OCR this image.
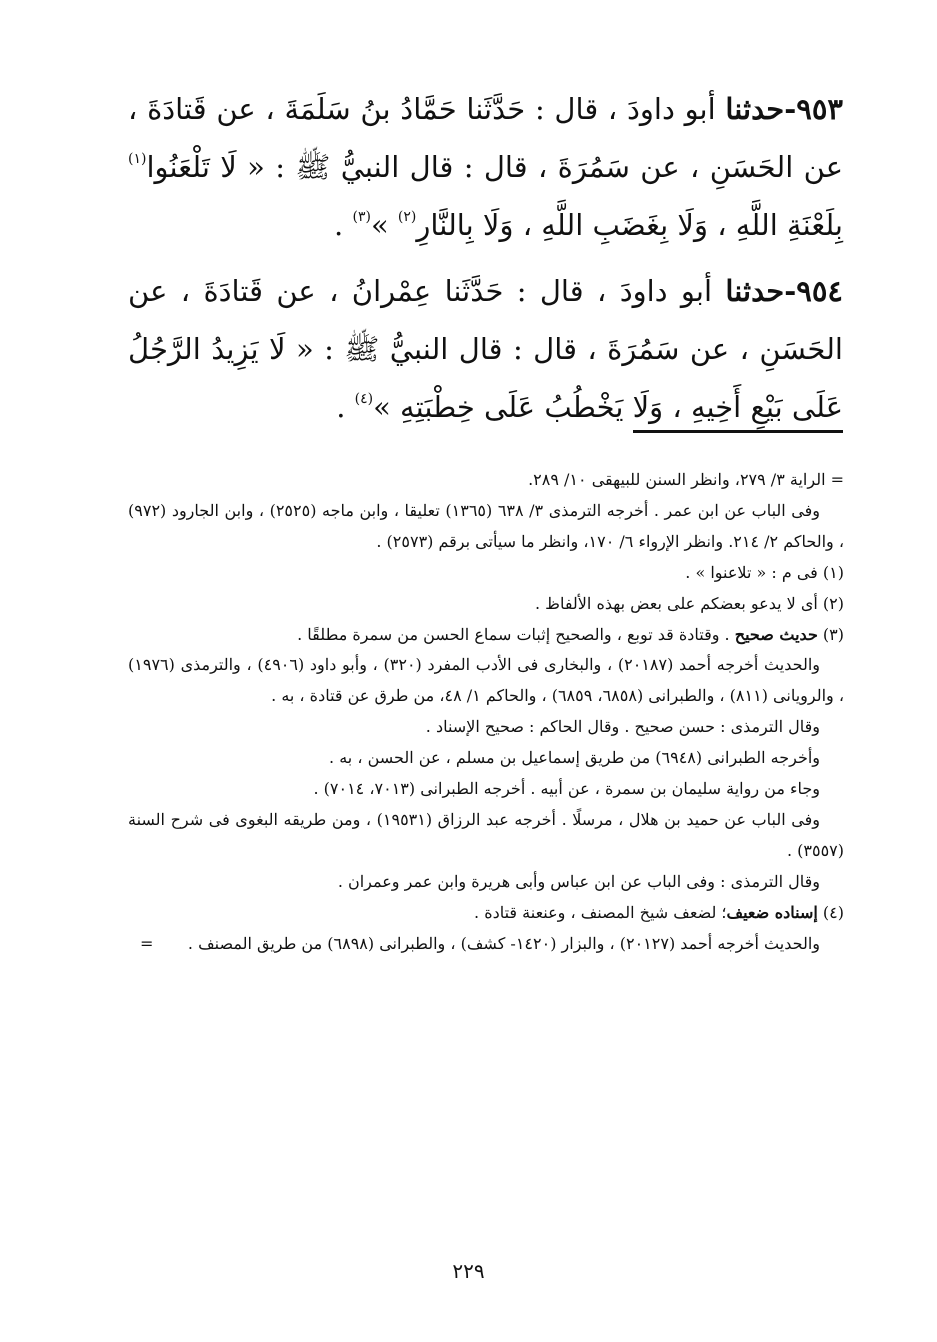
٩٥٣-حدثنا أبو داودَ ، قال : حَدَّثَنا حَمَّادُ بنُ سَلَمَةَ ، عن قَتادَةَ ، عن الحَسَنِ ، عن سَمُرَةَ ، قال : قال النبيُّ ﷺ : « لَا تَلْعَنُوا$^{(١)}$ بِلَعْنَةِ اللَّهِ ، وَلَا بِغَضَبِ اللَّهِ ، وَلَا بِالنَّارِ$^{(٢)}$ »$^{(٣)}$ .
٩٥٤-حدثنا أبو داودَ ، قال : حَدَّثَنا عِمْرانُ ، عن قَتادَةَ ، عن الحَسَنِ ، عن سَمُرَةَ ، قال : قال النبيُّ ﷺ : « لَا يَزِيدُ الرَّجُلُ عَلَى بَيْعِ أَخِيهِ ، وَلَا يَخْطُبُ عَلَى خِطْبَتِهِ »$^{(٤)}$ .

= الراية ٣/ ٢٧٩، وانظر السنن للبيهقى ١٠/ ٢٨٩.

وفى الباب عن ابن عمر . أخرجه الترمذى ٣/ ٦٣٨ (١٣٦٥) تعليقا ، وابن ماجه (٢٥٢٥) ، وابن الجارود (٩٧٢) ، والحاكم ٢/ ٢١٤. وانظر الإرواء ٦/ ١٧٠، وانظر ما سيأتى برقم (٢٥٧٣) .

(١) فى م : « تلاعنوا » .

(٢) أى لا يدعو بعضكم على بعض بهذه الألفاظ .

(٣) حديث صحيح . وقتادة قد توبع ، والصحيح إثبات سماع الحسن من سمرة مطلقًا .

والحديث أخرجه أحمد (٢٠١٨٧) ، والبخارى فى الأدب المفرد (٣٢٠) ، وأبو داود (٤٩٠٦) ، والترمذى (١٩٧٦) ، والرويانى (٨١١) ، والطبرانى (٦٨٥٨، ٦٨٥٩) ، والحاكم ١/ ٤٨، من طرق عن قتادة ، به .

وقال الترمذى : حسن صحيح . وقال الحاكم : صحيح الإسناد .

وأخرجه الطبرانى (٦٩٤٨) من طريق إسماعيل بن مسلم ، عن الحسن ، به .

وجاء من رواية سليمان بن سمرة ، عن أبيه . أخرجه الطبرانى (٧٠١٣، ٧٠١٤) .

وفى الباب عن حميد بن هلال ، مرسلًا . أخرجه عبد الرزاق (١٩٥٣١) ، ومن طريقه البغوى فى شرح السنة (٣٥٥٧) .

وقال الترمذى : وفى الباب عن ابن عباس وأبى هريرة وابن عمر وعمران .

(٤) إسناده ضعيف؛ لضعف شيخ المصنف ، وعنعنة قتادة .

والحديث أخرجه أحمد (٢٠١٢٧) ، والبزار (١٤٢٠- كشف) ، والطبرانى (٦٨٩٨) من طريق المصنف .
=

٢٢٩
